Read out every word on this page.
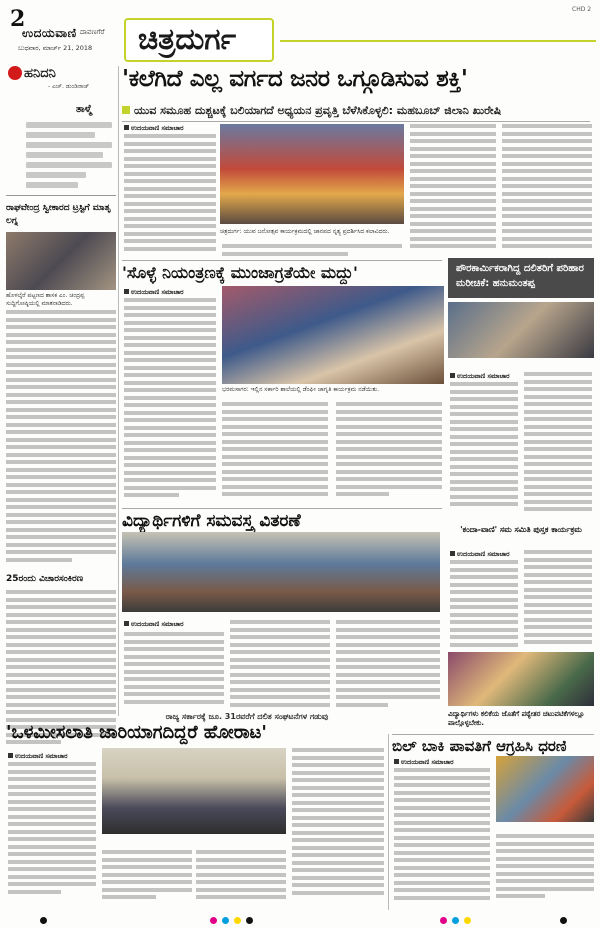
2
ಉದಯವಾಣಿ ದಾವಣಗೆರೆ
ಬುಧವಾರ, ಮಾರ್ಚ್ 21, 2018 ಚಿತ್ರದುರ್ಗ
CHD 2
ಹನಿದನಿ
- ಎಚ್. ಡುಂಡಿರಾಜ್
ತಾಳ್ಮೆ
ರಾಘವೇಂದ್ರ ಸ್ವೀಕಾರದ ಟ್ರಸ್ಟಿಗೆ ಮಾತೃ ಲಗ್ನ
ಹೊಳಲ್ಕೆರೆ ಪಟ್ಟಣದ ಶಾಸಕ ಎಂ. ಚಂದ್ರಪ್ಪ ಸುದ್ದಿಗೋಷ್ಠಿಯಲ್ಲಿ ಮಾತನಾಡಿದರು.
25ರಂದು ವಿಚಾರಸಂಕಿರಣ
'ಕಲೆಗಿದೆ ಎಲ್ಲ ವರ್ಗದ ಜನರ ಒಗ್ಗೂಡಿಸುವ ಶಕ್ತಿ'
ಯುವ ಸಮೂಹ ದುಶ್ಚಟಕ್ಕೆ ಬಲಿಯಾಗದೆ ಅಧ್ಯಯನ ಪ್ರವೃತ್ತಿ ಬೆಳೆಸಿಕೊಳ್ಳಲಿ: ಮಹಬೂಬ್ ಜಿಲಾನಿ ಖುರೇಷಿ
ಉದಯವಾಣಿ ಸಮಾಚಾರ
ಚಿತ್ರದುರ್ಗ: ಯುವ ಜನೋತ್ಸವ ಕಾರ್ಯಕ್ರಮದಲ್ಲಿ ಜಾನಪದ ನೃತ್ಯ ಪ್ರದರ್ಶಿಸಿದ ಕಲಾವಿದರು.
'ಸೊಳ್ಳೆ ನಿಯಂತ್ರಣಕ್ಕೆ ಮುಂಜಾಗ್ರತೆಯೇ ಮದ್ದು'
ಉದಯವಾಣಿ ಸಮಾಚಾರ
ಭರಮಸಾಗರ: ಇಲ್ಲಿನ ಸರ್ಕಾರಿ ಶಾಲೆಯಲ್ಲಿ ಡೆಂಘೀ ಜಾಗೃತಿ ಕಾರ್ಯಕ್ರಮ ನಡೆಯಿತು.
ಪೌರಕಾರ್ಮಿಕರಾಗಿದ್ದ ದಲಿತರಿಗೆ ಪರಿಹಾರ ಮರೀಚಿಕೆ: ಹನುಮಂತಪ್ಪ
ಉದಯವಾಣಿ ಸಮಾಚಾರ
ವಿದ್ಯಾರ್ಥಿಗಳಿಗೆ ಸಮವಸ್ತ್ರ ವಿತರಣೆ
ಉದಯವಾಣಿ ಸಮಾಚಾರ
'ಕಂದಾ-ವಾಣಿ' ಸಮ ಸಮಿತಿ ಪುಸ್ತಕ ಕಾರ್ಯಕ್ರಮ
ಉದಯವಾಣಿ ಸಮಾಚಾರ
ವಿದ್ಯಾರ್ಥಿಗಳು ಕಲಿಕೆಯ ಜೊತೆಗೆ ಪಠ್ಯೇತರ ಚಟುವಟಿಕೆಗಳಲ್ಲೂ ಪಾಲ್ಗೊಳ್ಳಬೇಕು.
ರಾಜ್ಯ ಸರ್ಕಾರಕ್ಕೆ ಜೂ. 31ರವರೆಗೆ ದಲಿತ ಸಂಘಟನೆಗಳ ಗಡುವು
'ಒಳಮೀಸಲಾತಿ ಜಾರಿಯಾಗದಿದ್ದರೆ ಹೋರಾಟ'
ಉದಯವಾಣಿ ಸಮಾಚಾರ
ಬಿಲ್ ಬಾಕಿ ಪಾವತಿಗೆ ಆಗ್ರಹಿಸಿ ಧರಣಿ
ಉದಯವಾಣಿ ಸಮಾಚಾರ
